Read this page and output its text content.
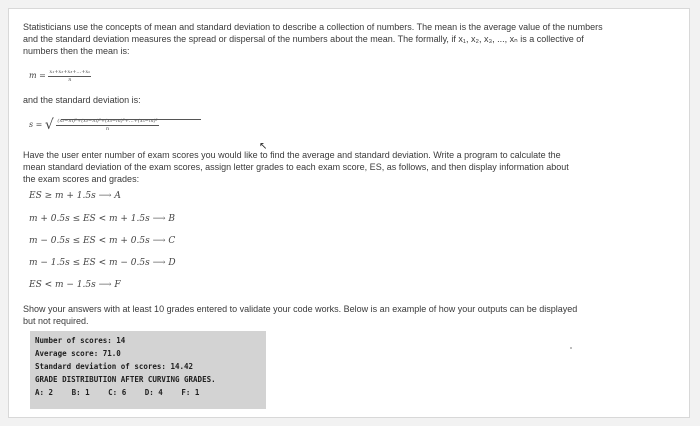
Statisticians use the concepts of mean and standard deviation to describe a collection of numbers. The mean is the average value of the numbers and the standard deviation measures the spread or dispersal of the numbers about the mean. The formally, if x₁, x₂, x₃, ..., xₙ is a collective of numbers then the mean is:
$m = \frac{\text{x₁+x₂+x₃+...+xₙ}}{n}$
and the standard deviation is:
s = √ $\frac{\text{(x₁−m)²+(x₂−m)²+(x₃−m)²+...+(xₙ−m)²}}{n}$
Have the user enter number of exam scores you would like to find the average and standard deviation. Write a program to calculate the mean standard deviation of the exam scores, assign letter grades to each exam score, ES, as follows, and then display information about the exam scores and grades:
ES ≥ m + 1.5s ⟶ A
m + 0.5s ≤ ES < m + 1.5s ⟶ B
m − 0.5s ≤ ES < m + 0.5s ⟶ C
m − 1.5s ≤ ES < m − 0.5s ⟶ D
ES < m − 1.5s ⟶ F
Show your answers with at least 10 grades entered to validate your code works. Below is an example of how your outputs can be displayed but not required.
Number of scores: 14
Average score: 71.0
Standard deviation of scores: 14.42
GRADE DISTRIBUTION AFTER CURVING GRADES.
A: 2 B: 1 C: 6 D: 4 F: 1
↖
